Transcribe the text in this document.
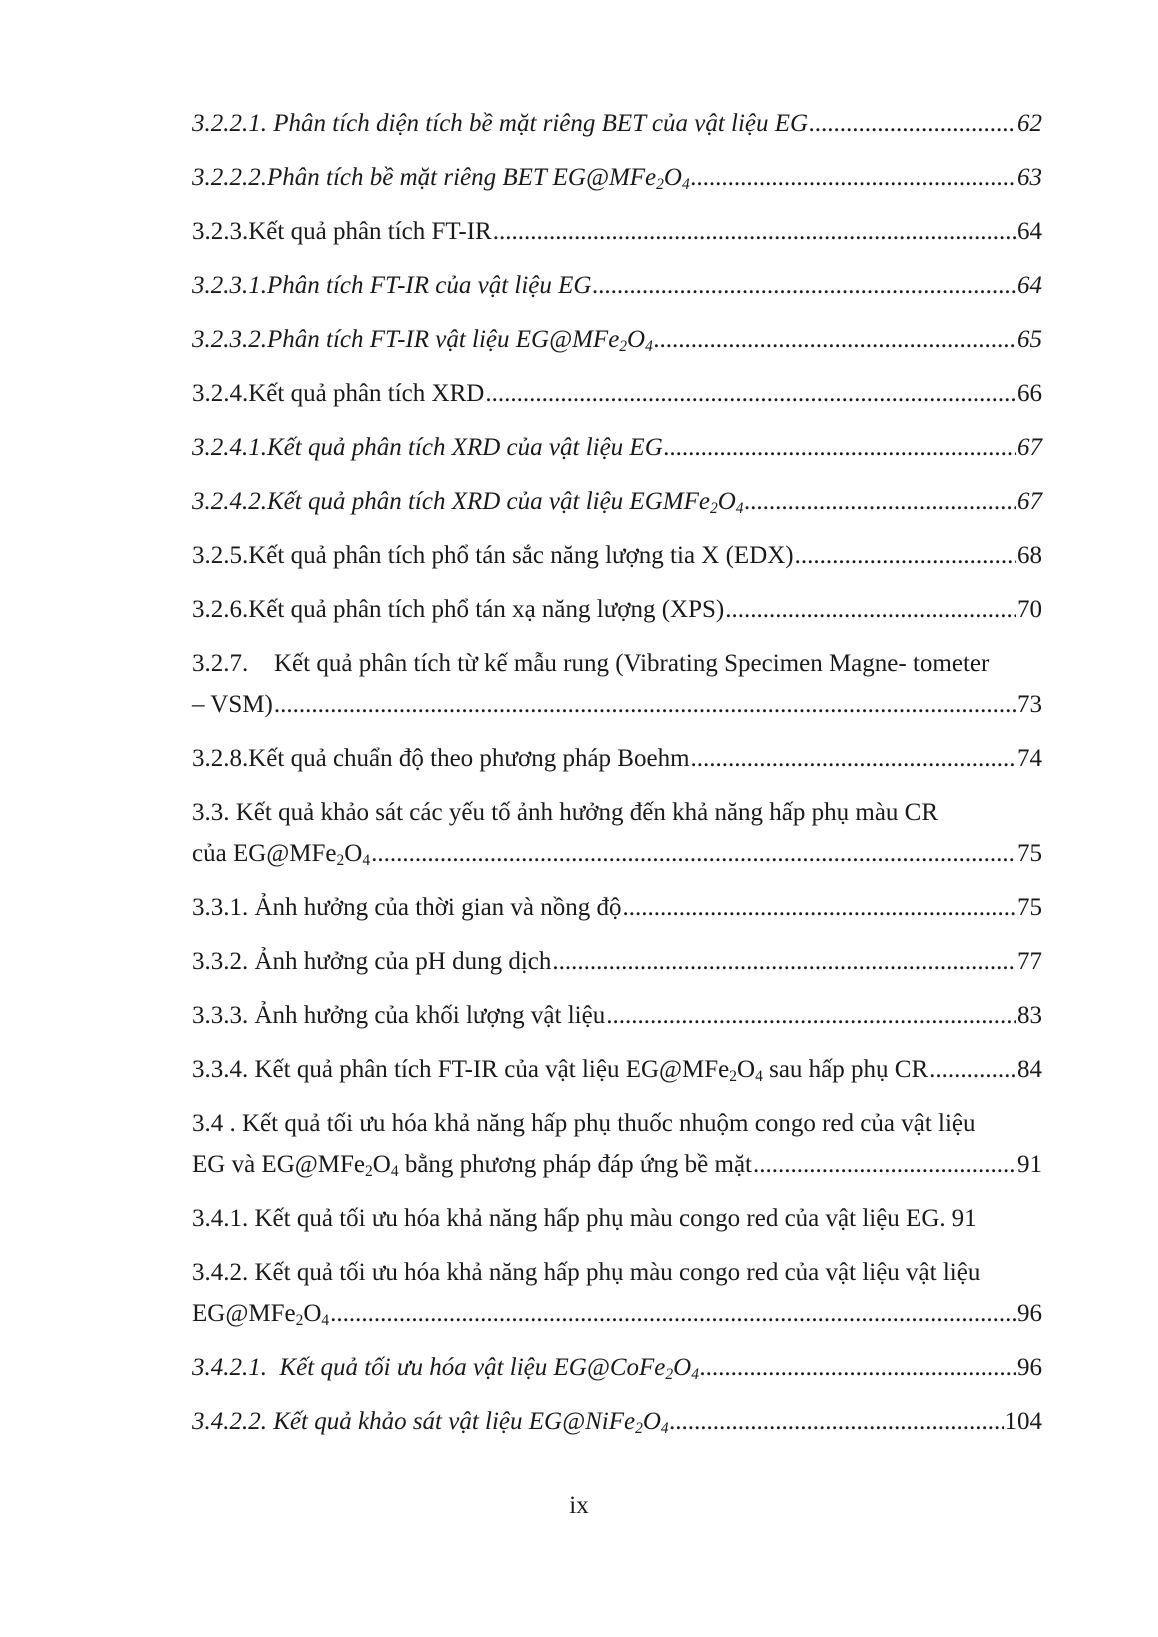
3.2.2.1. Phân tích diện tích bề mặt riêng BET của vật liệu EG .....	62
3.2.2.2.Phân tích bề mặt riêng BET $EG@MFe_2O_4$ .....	63
3.2.3. Kết quả phân tích FT-IR .....	64
3.2.3.1.Phân tích FT-IR của vật liệu EG .....	64
3.2.3.2.Phân tích FT-IR vật liệu $EG@MFe_2O_4$ .....	65
3.2.4. Kết quả phân tích XRD .....	66
3.2.4.1.Kết quả phân tích XRD của vật liệu EG .....	67
3.2.4.2.Kết quả phân tích XRD của vật liệu $EGMFe_2O_4$ .....	67
3.2.5. Kết quả phân tích phổ tán sắc năng lượng tia X (EDX) .....	68
3.2.6. Kết quả phân tích phổ tán xạ năng lượng (XPS) .....	70
3.2.7. Kết quả phân tích từ kế mẫu rung (Vibrating Specimen Magne- tometer
– VSM) .....	73
3.2.8. Kết quả chuẩn độ theo phương pháp Boehm .....	74
3.3. Kết quả khảo sát các yếu tố ảnh hưởng đến khả năng hấp phụ màu CR
của $EG@MFe_2O_4$ .....	75
3.3.1. Ảnh hưởng của thời gian và nồng độ .....	75
3.3.2. Ảnh hưởng của pH dung dịch .....	77
3.3.3. Ảnh hưởng của khối lượng vật liệu .....	83
3.3.4. Kết quả phân tích FT-IR của vật liệu $EG@MFe_2O_4$ sau hấp phụ CR .....	84
3.4 . Kết quả tối ưu hóa khả năng hấp phụ thuốc nhuộm congo red của vật liệu
EG và $EG@MFe_2O_4$ bằng phương pháp đáp ứng bề mặt .....	91
3.4.1. Kết quả tối ưu hóa khả năng hấp phụ màu congo red của vật liệu EG. 91
3.4.2. Kết quả tối ưu hóa khả năng hấp phụ màu congo red của vật liệu vật liệu
$EG@MFe_2O_4$ .....	96
3.4.2.1.  Kết quả tối ưu hóa vật liệu $EG@CoFe_2O_4$ .....	96
3.4.2.2. Kết quả khảo sát vật liệu $EG@NiFe_2O_4$ .....	104
ix
